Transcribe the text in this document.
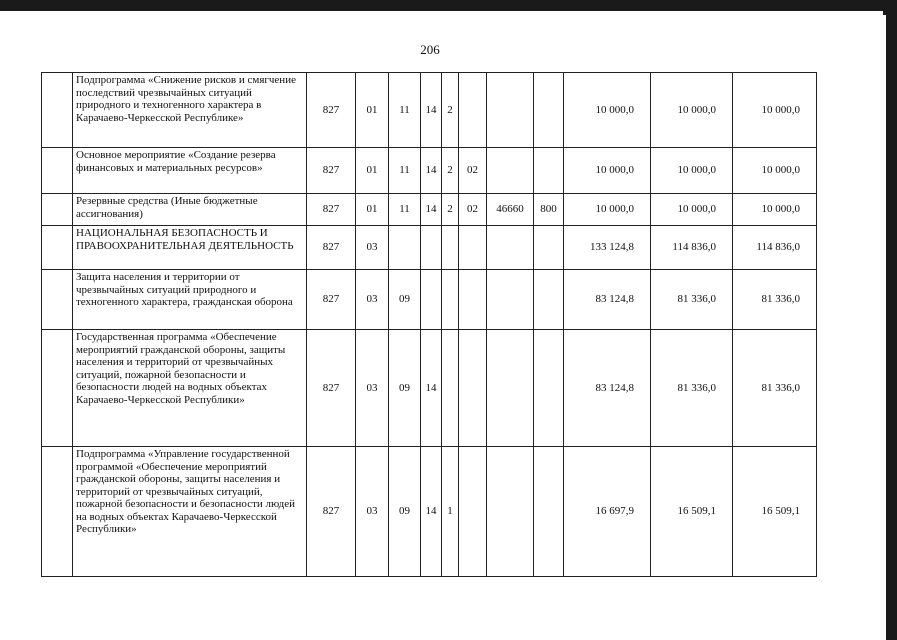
206
	Подпрограмма «Снижение рисков и смягчение последствий чрезвычайных ситуаций природного и техногенного характера в Карачаево-Черкесской Республике»	827	01	11	14	2				10 000,0	10 000,0	10 000,0
	Основное мероприятие «Создание резерва финансовых и материальных ресурсов»	827	01	11	14	2	02			10 000,0	10 000,0	10 000,0
	Резервные средства (Иные бюджетные ассигнования)	827	01	11	14	2	02	46660	800	10 000,0	10 000,0	10 000,0
	НАЦИОНАЛЬНАЯ БЕЗОПАСНОСТЬ И ПРАВООХРАНИТЕЛЬНАЯ ДЕЯТЕЛЬНОСТЬ	827	03							133 124,8	114 836,0	114 836,0
	Защита населения и территории от чрезвычайных ситуаций природного и техногенного характера, гражданская оборона	827	03	09						83 124,8	81 336,0	81 336,0
	Государственная программа «Обеспечение мероприятий гражданской обороны, защиты населения и территорий от чрезвычайных ситуаций, пожарной безопасности и безопасности людей на водных объектах Карачаево-Черкесской Республики»	827	03	09	14					83 124,8	81 336,0	81 336,0
	Подпрограмма «Управление государственной программой «Обеспечение мероприятий гражданской обороны, защиты населения и территорий от чрезвычайных ситуаций, пожарной безопасности и безопасности людей на водных объектах Карачаево-Черкесской Республики»	827	03	09	14	1				16 697,9	16 509,1	16 509,1
